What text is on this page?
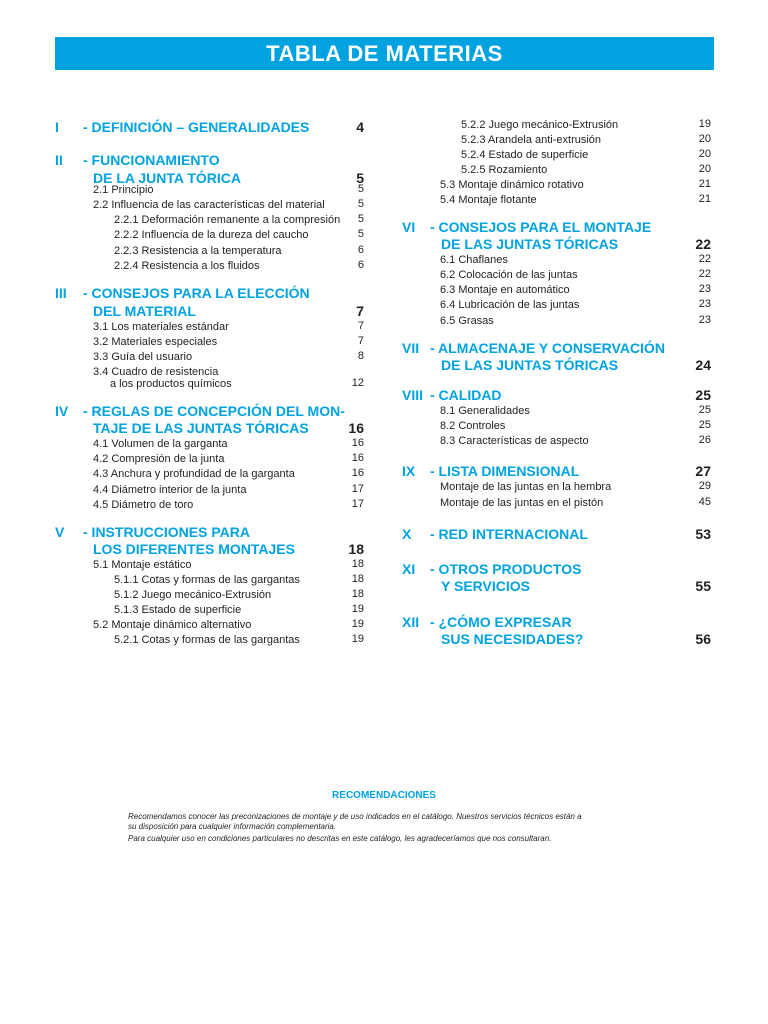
TABLA DE MATERIAS
I - DEFINICIÓN – GENERALIDADES	4
II - FUNCIONAMIENTO
DE LA JUNTA TÓRICA	5
2.1 Principio	5
2.2 Influencia de las características del material	5
2.2.1 Deformación remanente a la compresión 5
2.2.2 Influencia de la dureza del caucho	5
2.2.3 Resistencia a la temperatura	6
2.2.4 Resistencia a los fluidos	6
III - CONSEJOS PARA LA ELECCIÓN
DEL MATERIAL	7
3.1 Los materiales estándar	7
3.2 Materiales especiales	7
3.3 Guía del usuario	8
3.4 Cuadro de resistencia
a los productos químicos	12
IV - REGLAS DE CONCEPCIÓN DEL MON-
TAJE DE LAS JUNTAS TÓRICAS	16
4.1 Volumen de la garganta	16
4.2 Compresión de la junta	16
4.3 Anchura y profundidad de la garganta	16
4.4 Diámetro interior de la junta	17
4.5 Diámetro de toro	17
V - INSTRUCCIONES PARA
LOS DIFERENTES MONTAJES	18
5.1 Montaje estático	18
5.1.1 Cotas y formas de las gargantas	18
5.1.2 Juego mecánico-Extrusión	18
5.1.3 Estado de superficie	19
5.2 Montaje dinámico alternativo	19
5.2.1 Cotas y formas de las gargantas	19
5.2.2 Juego mecánico-Extrusión	19
5.2.3 Arandela anti-extrusión	20
5.2.4 Estado de superficie	20
5.2.5 Rozamiento	20
5.3 Montaje dinámico rotativo	21
5.4 Montaje flotante	21
VI - CONSEJOS PARA EL MONTAJE
DE LAS JUNTAS TÓRICAS	22
6.1 Chaflanes	22
6.2 Colocación de las juntas	22
6.3 Montaje en automático	23
6.4 Lubricación de las juntas	23
6.5 Grasas	23
VII - ALMACENAJE Y CONSERVACIÓN
DE LAS JUNTAS TÓRICAS	24
VIII - CALIDAD	25
8.1 Generalidades	25
8.2 Controles	25
8.3 Características de aspecto	26
IX - LISTA DIMENSIONAL	27
Montaje de las juntas en la hembra	29
Montaje de las juntas en el pistón	45
X - RED INTERNACIONAL	53
XI - OTROS PRODUCTOS
Y SERVICIOS	55
XII - ¿CÓMO EXPRESAR
SUS NECESIDADES?	56
RECOMENDACIONES
Recomendamos conocer las preconizaciones de montaje y de uso indicados en el catálogo. Nuestros servicios técnicos están a
su disposición para cualquier información complementaria.
Para cualquier uso en condiciones particulares no descritas en este catálogo, les agradeceríamos que nos consultaran.
